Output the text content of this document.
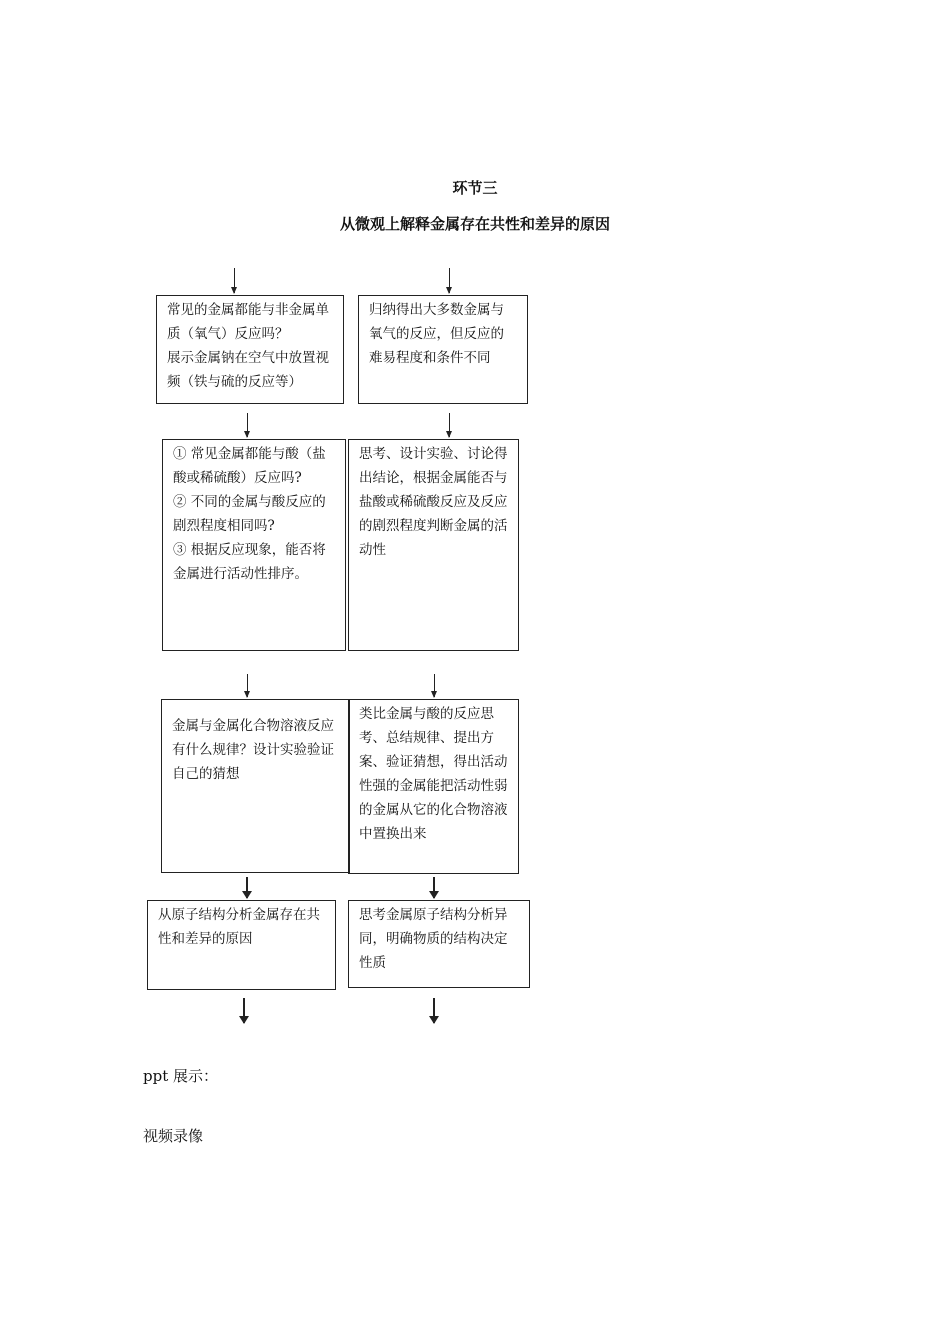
环节三
从微观上解释金属存在共性和差异的原因

常见的金属都能与非金属单质（氧气）反应吗？

展示金属钠在空气中放置视频（铁与硫的反应等）

归纳得出大多数金属与氧气的反应，但反应的难易程度和条件不同

① 常见金属都能与酸（盐酸或稀硫酸）反应吗?

② 不同的金属与酸反应的剧烈程度相同吗?

③ 根据反应现象，能否将金属进行活动性排序。

思考、设计实验、讨论得出结论，根据金属能否与盐酸或稀硫酸反应及反应的剧烈程度判断金属的活动性

金属与金属化合物溶液反应有什么规律？设计实验验证自己的猜想

类比金属与酸的反应思考、总结规律、提出方案、验证猜想，得出活动性强的金属能把活动性弱的金属从它的化合物溶液中置换出来

从原子结构分析金属存在共性和差异的原因

思考金属原子结构分析异同，明确物质的结构决定性质

ppt 展示：
视频录像
